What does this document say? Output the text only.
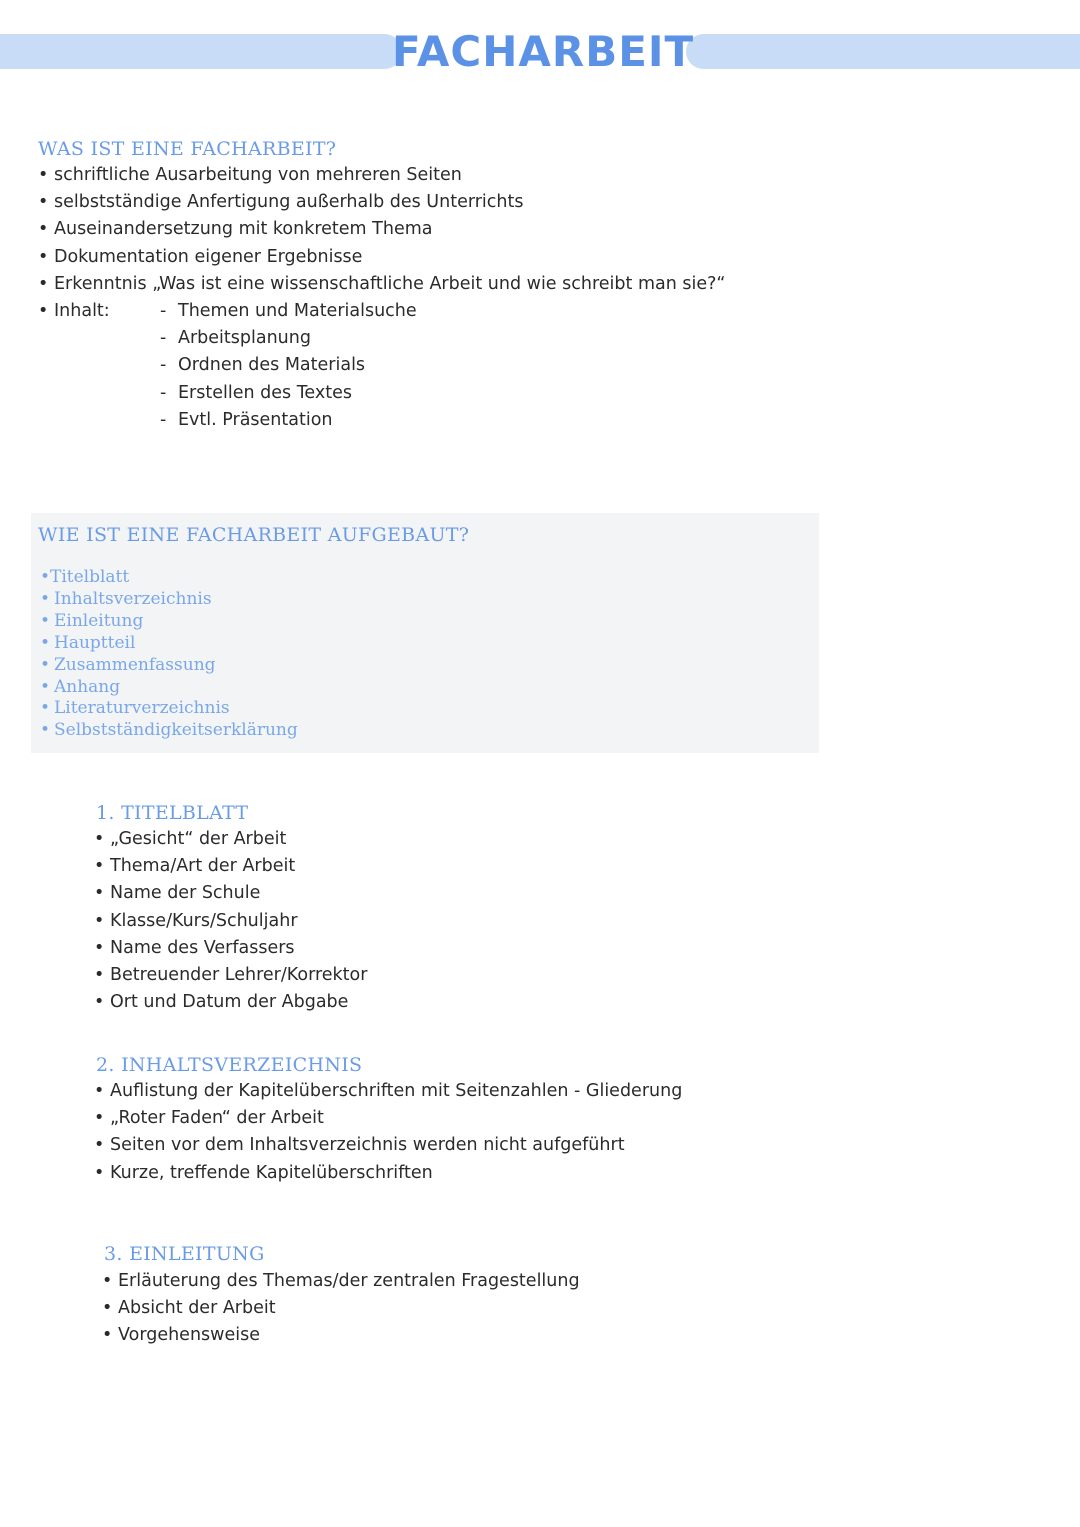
FACHARBEIT
WAS IST EINE FACHARBEIT?
• schriftliche Ausarbeitung von mehreren Seiten
• selbstständige Anfertigung außerhalb des Unterrichts
• Auseinandersetzung mit konkretem Thema
• Dokumentation eigener Ergebnisse
• Erkenntnis „Was ist eine wissenschaftliche Arbeit und wie schreibt man sie?“
• Inhalt:	- Themen und Materialsuche
- Arbeitsplanung
- Ordnen des Materials
- Erstellen des Textes
- Evtl. Präsentation
WIE IST EINE FACHARBEIT AUFGEBAUT?
•Titelblatt
• Inhaltsverzeichnis
• Einleitung
• Hauptteil
• Zusammenfassung
• Anhang
• Literaturverzeichnis
• Selbstständigkeitserklärung
1. TITELBLATT
• „Gesicht“ der Arbeit
• Thema/Art der Arbeit
• Name der Schule
• Klasse/Kurs/Schuljahr
• Name des Verfassers
• Betreuender Lehrer/Korrektor
• Ort und Datum der Abgabe
2. INHALTSVERZEICHNIS
• Auflistung der Kapitelüberschriften mit Seitenzahlen - Gliederung
• „Roter Faden“ der Arbeit
• Seiten vor dem Inhaltsverzeichnis werden nicht aufgeführt
• Kurze, treffende Kapitelüberschriften
3. EINLEITUNG
• Erläuterung des Themas/der zentralen Fragestellung
• Absicht der Arbeit
• Vorgehensweise
